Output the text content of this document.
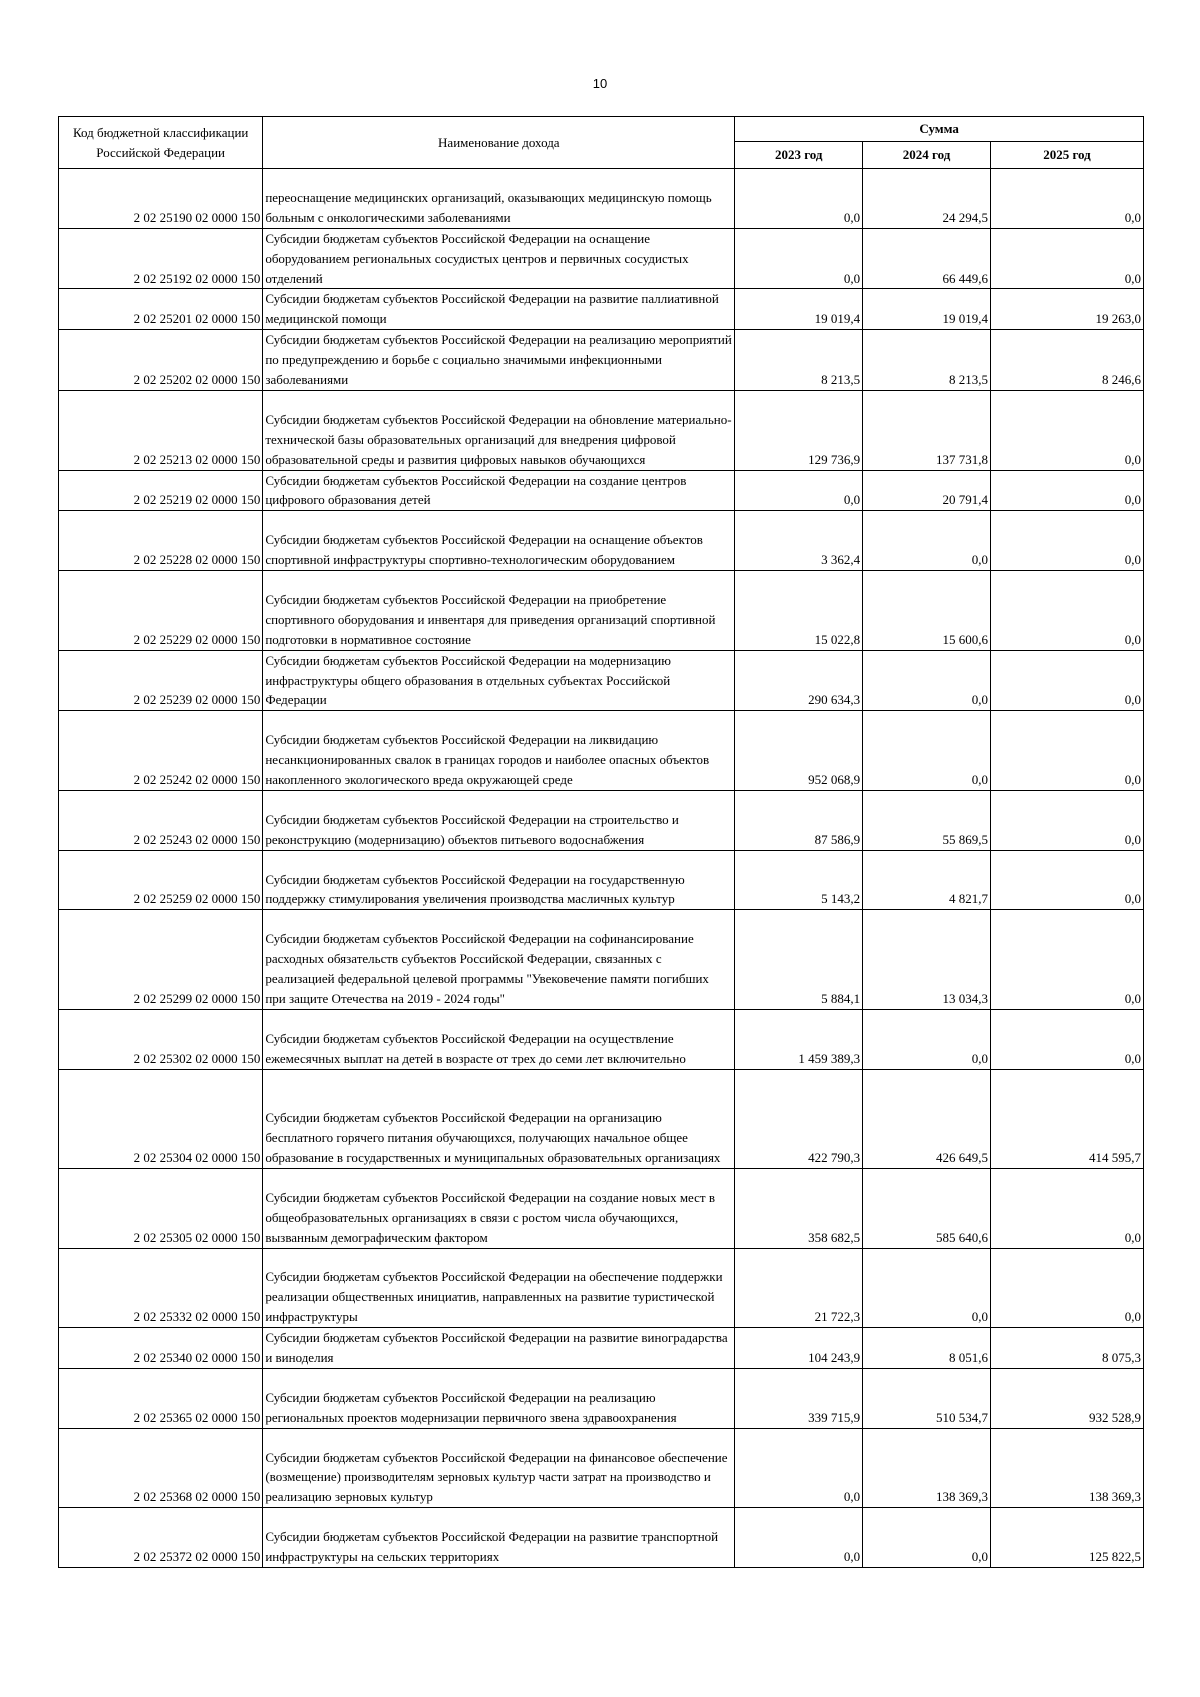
10
Код бюджетной классификации Российской Федерации	Наименование дохода	Сумма		
		2023 год	2024 год	2025 год
2 02 25190 02 0000 150	переоснащение медицинских организаций, оказывающих медицинскую помощь больным с онкологическими заболеваниями	0,0	24 294,5	0,0
2 02 25192 02 0000 150	Субсидии бюджетам субъектов Российской Федерации на оснащение оборудованием региональных сосудистых центров и первичных сосудистых отделений	0,0	66 449,6	0,0
2 02 25201 02 0000 150	Субсидии бюджетам субъектов Российской Федерации на развитие паллиативной медицинской помощи	19 019,4	19 019,4	19 263,0
2 02 25202 02 0000 150	Субсидии бюджетам субъектов Российской Федерации на реализацию мероприятий по предупреждению и борьбе с социально значимыми инфекционными заболеваниями	8 213,5	8 213,5	8 246,6
2 02 25213 02 0000 150	Субсидии бюджетам субъектов Российской Федерации на обновление материально-технической базы образовательных организаций для внедрения цифровой образовательной среды и развития цифровых навыков обучающихся	129 736,9	137 731,8	0,0
2 02 25219 02 0000 150	Субсидии бюджетам субъектов Российской Федерации на создание центров цифрового образования детей	0,0	20 791,4	0,0
2 02 25228 02 0000 150	Субсидии бюджетам субъектов Российской Федерации на оснащение объектов спортивной инфраструктуры спортивно-технологическим оборудованием	3 362,4	0,0	0,0
2 02 25229 02 0000 150	Субсидии бюджетам субъектов Российской Федерации на приобретение спортивного оборудования и инвентаря для приведения организаций спортивной подготовки в нормативное состояние	15 022,8	15 600,6	0,0
2 02 25239 02 0000 150	Субсидии бюджетам субъектов Российской Федерации на модернизацию инфраструктуры общего образования в отдельных субъектах Российской Федерации	290 634,3	0,0	0,0
2 02 25242 02 0000 150	Субсидии бюджетам субъектов Российской Федерации на ликвидацию несанкционированных свалок в границах городов и наиболее опасных объектов накопленного экологического вреда окружающей среде	952 068,9	0,0	0,0
2 02 25243 02 0000 150	Субсидии бюджетам субъектов Российской Федерации на строительство и реконструкцию (модернизацию) объектов питьевого водоснабжения	87 586,9	55 869,5	0,0
2 02 25259 02 0000 150	Субсидии бюджетам субъектов Российской Федерации на государственную поддержку стимулирования увеличения производства масличных культур	5 143,2	4 821,7	0,0
2 02 25299 02 0000 150	Субсидии бюджетам субъектов Российской Федерации на софинансирование расходных обязательств субъектов Российской Федерации, связанных с реализацией федеральной целевой программы "Увековечение памяти погибших при защите Отечества на 2019 - 2024 годы"	5 884,1	13 034,3	0,0
2 02 25302 02 0000 150	Субсидии бюджетам субъектов Российской Федерации на осуществление ежемесячных выплат на детей в возрасте от трех до семи лет включительно	1 459 389,3	0,0	0,0
2 02 25304 02 0000 150	Субсидии бюджетам субъектов Российской Федерации на организацию бесплатного горячего питания обучающихся, получающих начальное общее образование в государственных и муниципальных образовательных организациях	422 790,3	426 649,5	414 595,7
2 02 25305 02 0000 150	Субсидии бюджетам субъектов Российской Федерации на создание новых мест в общеобразовательных организациях в связи с ростом числа обучающихся, вызванным демографическим фактором	358 682,5	585 640,6	0,0
2 02 25332 02 0000 150	Субсидии бюджетам субъектов Российской Федерации на обеспечение поддержки реализации общественных инициатив, направленных на развитие туристической инфраструктуры	21 722,3	0,0	0,0
2 02 25340 02 0000 150	Субсидии бюджетам субъектов Российской Федерации на развитие виноградарства и виноделия	104 243,9	8 051,6	8 075,3
2 02 25365 02 0000 150	Субсидии бюджетам субъектов Российской Федерации на реализацию региональных проектов модернизации первичного звена здравоохранения	339 715,9	510 534,7	932 528,9
2 02 25368 02 0000 150	Субсидии бюджетам субъектов Российской Федерации на финансовое обеспечение (возмещение) производителям зерновых культур части затрат на производство и реализацию зерновых культур	0,0	138 369,3	138 369,3
2 02 25372 02 0000 150	Субсидии бюджетам субъектов Российской Федерации на развитие транспортной инфраструктуры на сельских территориях	0,0	0,0	125 822,5
